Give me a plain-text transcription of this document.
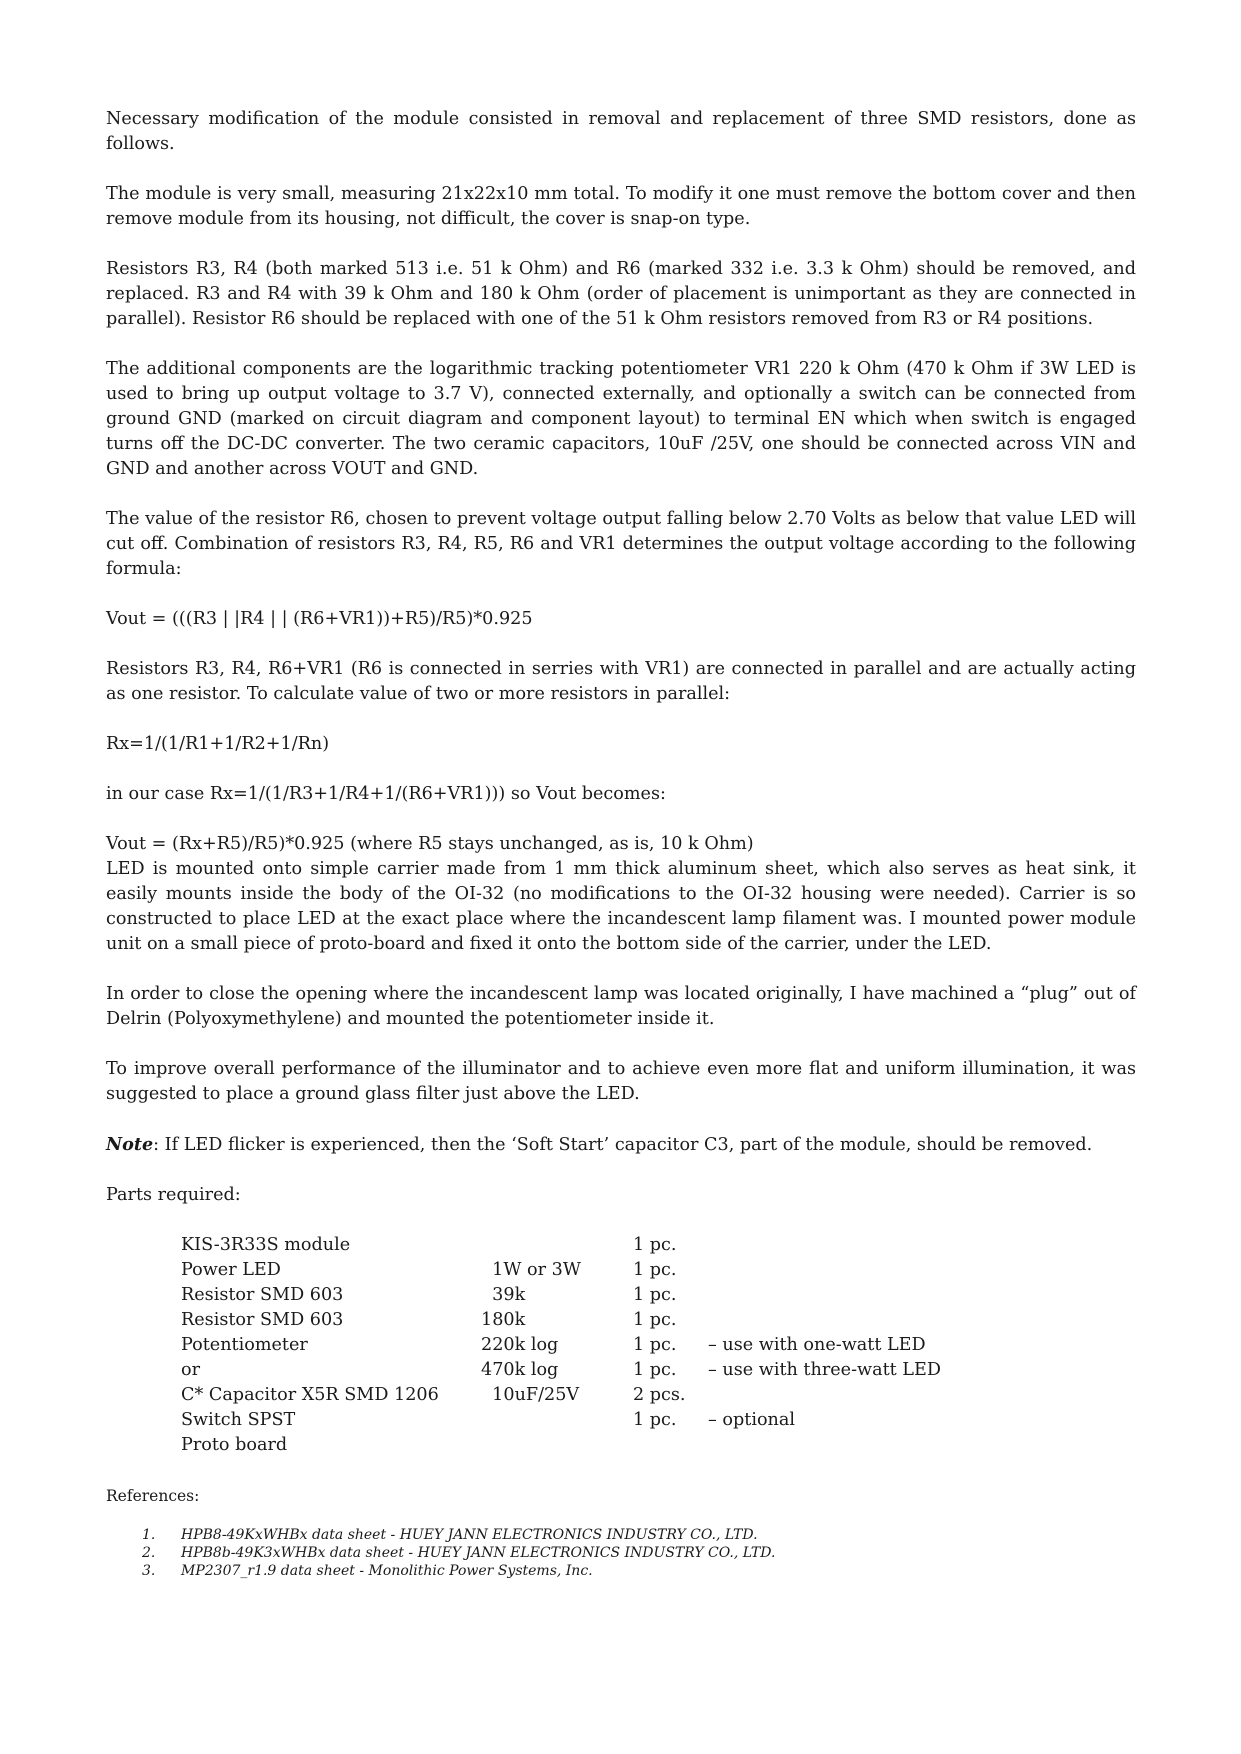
Necessary modification of the module consisted in removal and replacement of three SMD resistors, done as follows.

The module is very small, measuring 21x22x10 mm total. To modify it one must remove the bottom cover and then remove module from its housing, not difficult, the cover is snap-on type.

Resistors R3, R4 (both marked 513 i.e. 51 k Ohm) and R6 (marked 332 i.e. 3.3 k Ohm) should be removed, and replaced. R3 and R4 with 39 k Ohm and 180 k Ohm (order of placement is unimportant as they are connected in parallel). Resistor R6 should be replaced with one of the 51 k Ohm resistors removed from R3 or R4 positions.

The additional components are the logarithmic tracking potentiometer VR1 220 k Ohm (470 k Ohm if 3W LED is used to bring up output voltage to 3.7 V), connected externally, and optionally a switch can be connected from ground GND (marked on circuit diagram and component layout) to terminal EN which when switch is engaged turns off the DC-DC converter. The two ceramic capacitors, 10uF /25V, one should be connected across VIN and GND and another across VOUT and GND.

The value of the resistor R6, chosen to prevent voltage output falling below 2.70 Volts as below that value LED will cut off. Combination of resistors R3, R4, R5, R6 and VR1 determines the output voltage according to the following formula:

Vout = (((R3 | |R4 | | (R6+VR1))+R5)/R5)*0.925

Resistors R3, R4, R6+VR1 (R6 is connected in serries with VR1) are connected in parallel and are actually acting as one resistor. To calculate value of two or more resistors in parallel:

Rx=1/(1/R1+1/R2+1/Rn)

in our case Rx=1/(1/R3+1/R4+1/(R6+VR1))) so Vout becomes:

Vout = (Rx+R5)/R5)*0.925 (where R5 stays unchanged, as is, 10 k Ohm)

LED is mounted onto simple carrier made from 1 mm thick aluminum sheet, which also serves as heat sink, it easily mounts inside the body of the OI-32 (no modifications to the OI-32 housing were needed). Carrier is so constructed to place LED at the exact place where the incandescent lamp filament was. I mounted power module unit on a small piece of proto-board and fixed it onto the bottom side of the carrier, under the LED.

In order to close the opening where the incandescent lamp was located originally, I have machined a “plug” out of Delrin (Polyoxymethylene) and mounted the potentiometer inside it.

To improve overall performance of the illuminator and to achieve even more flat and uniform illumination, it was suggested to place a ground glass filter just above the LED.

Note: If LED flicker is experienced, then the ‘Soft Start’ capacitor C3, part of the module, should be removed.

Parts required:

KIS-3R33S module		1 pc.	
Power LED	1W or 3W	1 pc.	
Resistor SMD 603	39k	1 pc.	
Resistor SMD 603	180k	1 pc.	
Potentiometer	220k log	1 pc.	– use with one-watt LED
or	470k log	1 pc.	– use with three-watt LED
C* Capacitor X5R SMD 1206	10uF/25V	2 pcs.	
Switch SPST		1 pc.	– optional
Proto board			

References:

1. HPB8-49KxWHBx data sheet - HUEY JANN ELECTRONICS INDUSTRY CO., LTD.
2. HPB8b-49K3xWHBx data sheet - HUEY JANN ELECTRONICS INDUSTRY CO., LTD.
3. MP2307_r1.9 data sheet - Monolithic Power Systems, Inc.
